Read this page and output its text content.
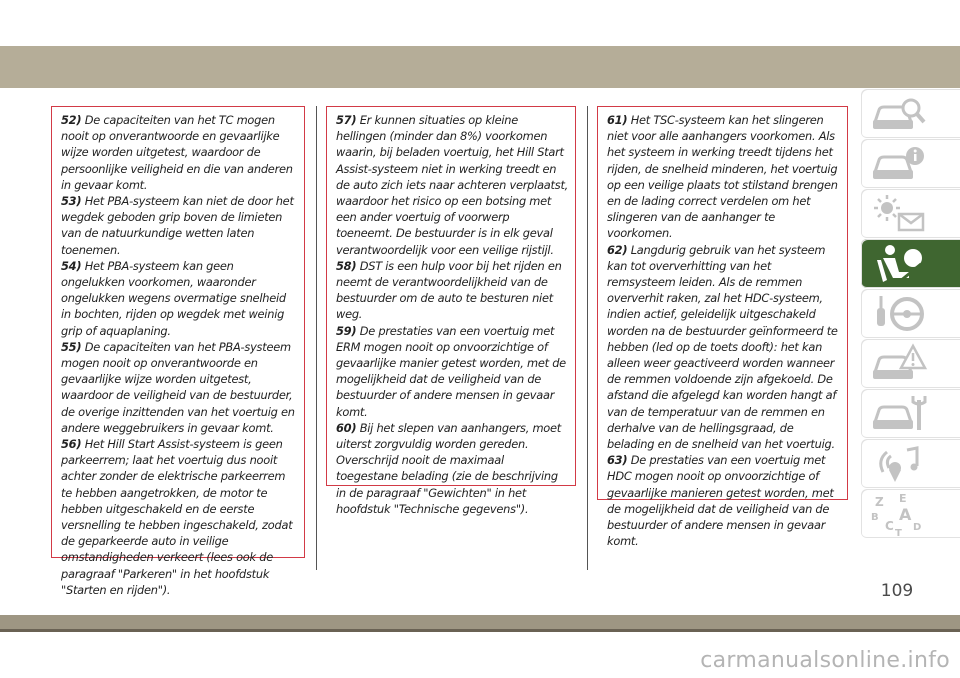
52) De capaciteiten van het TC mogen nooit op onverantwoorde en gevaarlijke wijze worden uitgetest, waardoor de persoonlijke veiligheid en die van anderen in gevaar komt.
53) Het PBA-systeem kan niet de door het wegdek geboden grip boven de limieten van de natuurkundige wetten laten toenemen.
54) Het PBA-systeem kan geen ongelukken voorkomen, waaronder ongelukken wegens overmatige snelheid in bochten, rijden op wegdek met weinig grip of aquaplaning.
55) De capaciteiten van het PBA-systeem mogen nooit op onverantwoorde en gevaarlijke wijze worden uitgetest, waardoor de veiligheid van de bestuurder, de overige inzittenden van het voertuig en andere weggebruikers in gevaar komt.
56) Het Hill Start Assist-systeem is geen parkeerrem; laat het voertuig dus nooit achter zonder de elektrische parkeerrem te hebben aangetrokken, de motor te hebben uitgeschakeld en de eerste versnelling te hebben ingeschakeld, zodat de geparkeerde auto in veilige omstandigheden verkeert (lees ook de paragraaf "Parkeren" in het hoofdstuk "Starten en rijden").
57) Er kunnen situaties op kleine hellingen (minder dan 8%) voorkomen waarin, bij beladen voertuig, het Hill Start Assist-systeem niet in werking treedt en de auto zich iets naar achteren verplaatst, waardoor het risico op een botsing met een ander voertuig of voorwerp toeneemt. De bestuurder is in elk geval verantwoordelijk voor een veilige rijstijl.
58) DST is een hulp voor bij het rijden en neemt de verantwoordelijkheid van de bestuurder om de auto te besturen niet weg.
59) De prestaties van een voertuig met ERM mogen nooit op onvoorzichtige of gevaarlijke manier getest worden, met de mogelijkheid dat de veiligheid van de bestuurder of andere mensen in gevaar komt.
60) Bij het slepen van aanhangers, moet uiterst zorgvuldig worden gereden. Overschrijd nooit de maximaal toegestane belading (zie de beschrijving in de paragraaf "Gewichten" in het hoofdstuk "Technische gegevens").
61) Het TSC-systeem kan het slingeren niet voor alle aanhangers voorkomen. Als het systeem in werking treedt tijdens het rijden, de snelheid minderen, het voertuig op een veilige plaats tot stilstand brengen en de lading correct verdelen om het slingeren van de aanhanger te voorkomen.
62) Langdurig gebruik van het systeem kan tot oververhitting van het remsysteem leiden. Als de remmen oververhit raken, zal het HDC-systeem, indien actief, geleidelijk uitgeschakeld worden na de bestuurder geïnformeerd te hebben (led op de toets dooft): het kan alleen weer geactiveerd worden wanneer de remmen voldoende zijn afgekoeld. De afstand die afgelegd kan worden hangt af van de temperatuur van de remmen en derhalve van de hellingsgraad, de belading en de snelheid van het voertuig.
63) De prestaties van een voertuig met HDC mogen nooit op onvoorzichtige of gevaarlijke manieren getest worden, met de mogelijkheid dat de veiligheid van de bestuurder of andere mensen in gevaar komt.
Z E
B A
C D
T
109
carmanualsonline.info
